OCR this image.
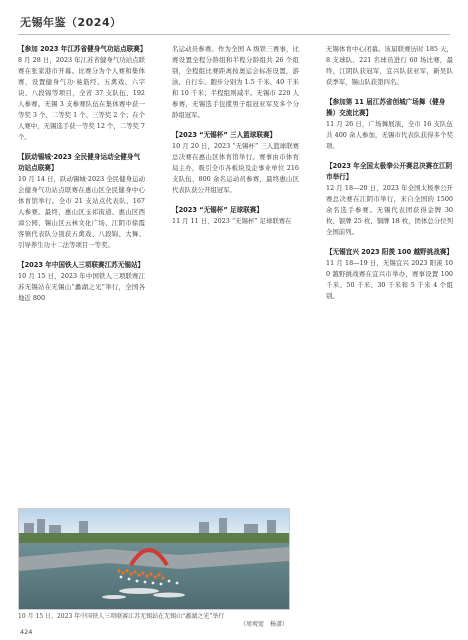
无锡年鉴（2024）

【参加 2023 年江苏省健身气功站点联赛】

8 月 28 日，2023 年江苏省健身气功站点联赛在张家港市开幕。比赛分为个人赛和集体赛，设置健身气功·易筋经、五禽戏、六字诀、八段锦等项目，全省 37 支队伍、192 人参赛。无锡 3 支参赛队伍在集体赛中获一等奖 3 个、二等奖 1 个、三等奖 2 个；在个人赛中，无锡选手获一等奖 12 个，二等奖 7 个。

【跃动锡城·2023 全民健身运动全健身气功站点联赛】

10 月 14 日，跃动锡城·2023 全民健身运动会健身气功站点联赛在惠山区全民健身中心体育馆举行。全市 21 支站点代表队、167 人参赛。最终，惠山区玉祁街道、惠山区西漳公园、锡山区云林文化广场、江阴市徐霞客镇代表队分别获五禽戏、八段锦、大舞、引导养生功十二法等项目一等奖。

【2023 年中国铁人三项联赛江苏无锡站】

10 月 15 日，2023 年中国铁人三项联赛江苏无锡站在无锡山“蠡湖之光”举行，全国各地近 800

名运动员参赛。作为全国 A 级铁三赛事，比赛设置全程分龄组和半程分龄组共 26 个组别，全程组比赛距离按奥运会标准设置，游泳、自行车、跑步分别为 1.5 千米、40 千米和 10 千米；半程组则减半。无锡市 220 人参赛，无锡选手包揽男子组冠亚军及多个分龄组冠军。

【2023 “无锡杯” 三人篮球联赛】

10 月 20 日，2023 “无锡杯” 三人篮球联赛总决赛在惠山区体育馆举行。赛事由市体育局主办，吸引全市各板块及企事业单位 216 支队伍、800 余名运动员参赛，最终惠山区代表队获公开组冠军。

【2023 “无锡杯” 足球联赛】

11 月 11 日，2023 “无锡杯” 足球联赛在

无锡体育中心闭幕。该届联赛历时 185 天，8 支球队、221 名球员进行 60 场比赛，最终，江阴队获冠军，宜兴队获亚军，新吴队获季军，锡山队获第四名。

【参加第 11 届江苏省创城广场舞（健身操）交流比赛】

11 月 26 日，广场舞展演，全市 16 支队伍共 400 余人参加，无锡市代表队获得多个奖项。

【2023 年全国太极拳公开赛总决赛在江阴市举行】

12 月 18—20 日，2023 年全国太极拳公开赛总决赛在江阴市举行，来自全国的 1500 余名选手参赛。无锡代表团获得金牌 30 枚、银牌 25 枚、铜牌 18 枚，团体总分位列全国前列。

【无锡宜兴 2023 阳羡 100 越野挑战赛】

11 月 18—19 日，无锡宜兴 2023 阳羡 100 越野挑战赛在宜兴市举办，赛事设置 100 千米、50 千米、30 千米和 5 千米 4 个组别。

10 月 15 日，2023 年中国铁人三项联赛江苏无锡站在无锡山“蠡湖之光”举行
（周观宽　杨潇）
424
